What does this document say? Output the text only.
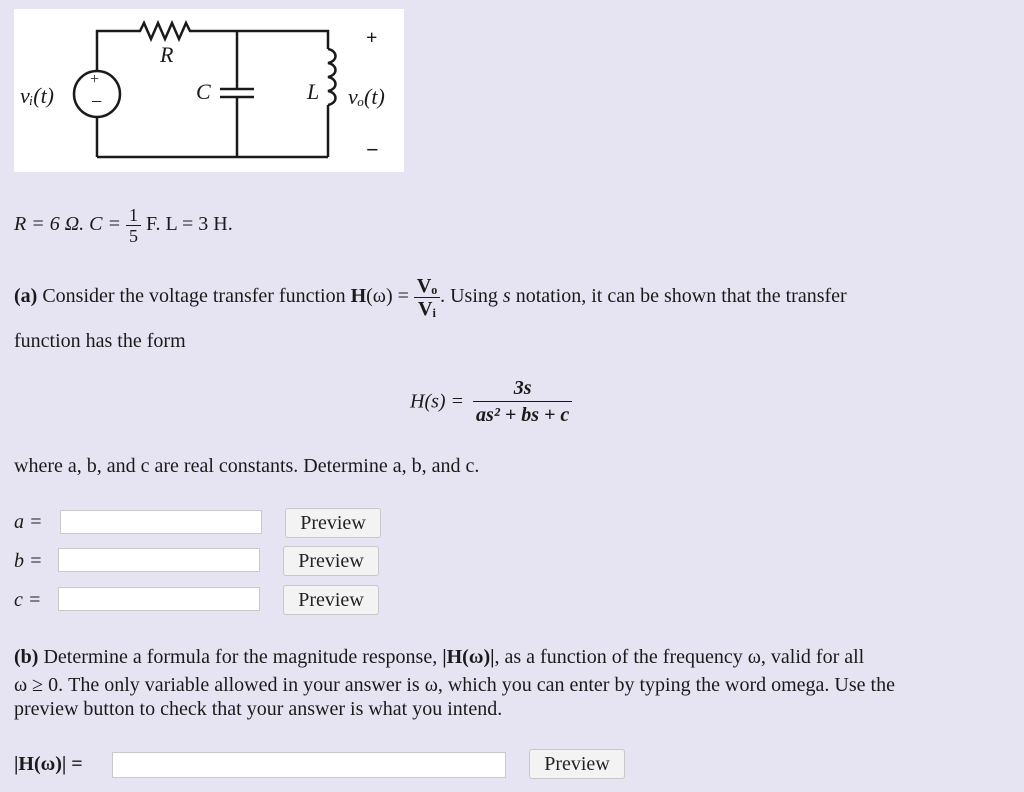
+
−
vᵢ(t)
R
C	L vₒ(t)
+
−
R = 6 Ω. $C = \frac{1}{5} F$. L = 3 H.
(a) Consider the voltage transfer function $H(\omega) = \frac{\text{Vₒ}}{\text{Vᵢ}}$ . Using s notation, it can be shown that the transfer
function has the form
$H(s) = \frac{3s}{\text{as² + bs + c}}$
where a, b, and c are real constants. Determine a, b, and c.
a =	Preview
b =	Preview
c =	Preview
(b) Determine a formula for the magnitude response, |H(ω)|, as a function of the frequency ω, valid for all
ω ≥ 0. The only variable allowed in your answer is ω, which you can enter by typing the word omega. Use the
preview button to check that your answer is what you intend.
|H(ω)| =	Preview
